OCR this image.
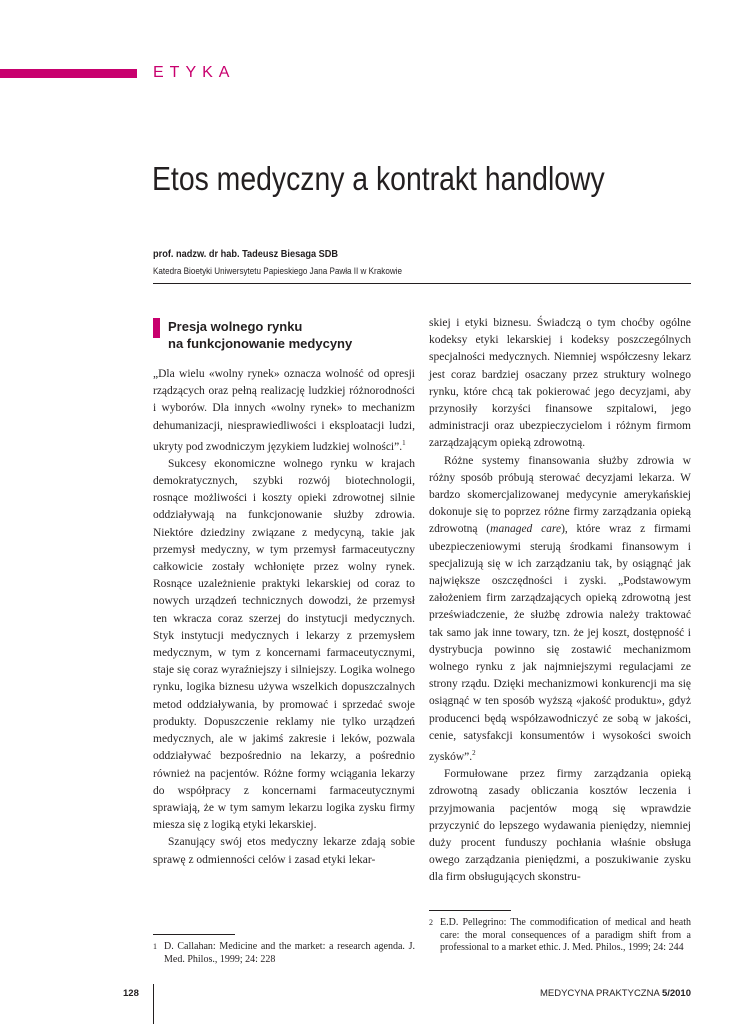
ETYKA
Etos medyczny a kontrakt handlowy
prof. nadzw. dr hab. Tadeusz Biesaga SDB
Katedra Bioetyki Uniwersytetu Papieskiego Jana Pawła II w Krakowie
Presja wolnego rynku
na funkcjonowanie medycyny

„Dla wielu «wolny rynek» oznacza wolność od opresji rządzących oraz pełną realizację ludzkiej różnorodności i wyborów. Dla innych «wolny rynek» to mechanizm dehumanizacji, niesprawiedliwości i eksploatacji ludzi, ukryty pod zwodniczym językiem ludzkiej wolności”.$^1$

Sukcesy ekonomiczne wolnego rynku w krajach demokratycznych, szybki rozwój biotechnologii, rosnące możliwości i koszty opieki zdrowotnej silnie oddziaływają na funkcjonowanie służby zdrowia. Niektóre dziedziny związane z medycyną, takie jak przemysł medyczny, w tym przemysł farmaceutyczny całkowicie zostały wchłonięte przez wolny rynek. Rosnące uzależnienie praktyki lekarskiej od coraz to nowych urządzeń technicznych dowodzi, że przemysł ten wkracza coraz szerzej do instytucji medycznych. Styk instytucji medycznych i lekarzy z przemysłem medycznym, w tym z koncernami farmaceutycznymi, staje się coraz wyraźniejszy i silniejszy. Logika wolnego rynku, logika biznesu używa wszelkich dopuszczalnych metod oddziaływania, by promować i sprzedać swoje produkty. Dopuszczenie reklamy nie tylko urządzeń medycznych, ale w jakimś zakresie i leków, pozwala oddziaływać bezpośrednio na lekarzy, a pośrednio również na pacjentów. Różne formy wciągania lekarzy do współpracy z koncernami farmaceutycznymi sprawiają, że w tym samym lekarzu logika zysku firmy miesza się z logiką etyki lekarskiej.

Szanujący swój etos medyczny lekarze zdają sobie sprawę z odmienności celów i zasad etyki lekar-

skiej i etyki biznesu. Świadczą o tym choćby ogólne kodeksy etyki lekarskiej i kodeksy poszczególnych specjalności medycznych. Niemniej współczesny lekarz jest coraz bardziej osaczany przez struktury wolnego rynku, które chcą tak pokierować jego decyzjami, aby przynosiły korzyści finansowe szpitalowi, jego administracji oraz ubezpieczycielom i różnym firmom zarządzającym opieką zdrowotną.

Różne systemy finansowania służby zdrowia w różny sposób próbują sterować decyzjami lekarza. W bardzo skomercjalizowanej medycynie amerykańskiej dokonuje się to poprzez różne firmy zarządzania opieką zdrowotną (managed care), które wraz z firmami ubezpieczeniowymi sterują środkami finansowym i specjalizują się w ich zarządzaniu tak, by osiągnąć jak największe oszczędności i zyski. „Podstawowym założeniem firm zarządzających opieką zdrowotną jest przeświadczenie, że służbę zdrowia należy traktować tak samo jak inne towary, tzn. że jej koszt, dostępność i dystrybucja powinno się zostawić mechanizmom wolnego rynku z jak najmniejszymi regulacjami ze strony rządu. Dzięki mechanizmowi konkurencji ma się osiągnąć w ten sposób wyższą «jakość produktu», gdyż producenci będą współzawodniczyć ze sobą w jakości, cenie, satysfakcji konsumentów i wysokości swoich zysków”.$^2$

Formułowane przez firmy zarządzania opieką zdrowotną zasady obliczania kosztów leczenia i przyjmowania pacjentów mogą się wprawdzie przyczynić do lepszego wydawania pieniędzy, niemniej duży procent funduszy pochłania właśnie obsługa owego zarządzania pieniędzmi, a poszukiwanie zysku dla firm obsługujących skonstru-

1 D. Callahan: Medicine and the market: a research agenda. J. Med. Philos., 1999; 24: 228
2 E.D. Pellegrino: The commodification of medical and heath care: the moral consequences of a paradigm shift from a professional to a market ethic. J. Med. Philos., 1999; 24: 244
128	MEDYCYNA PRAKTYCZNA 5/2010
